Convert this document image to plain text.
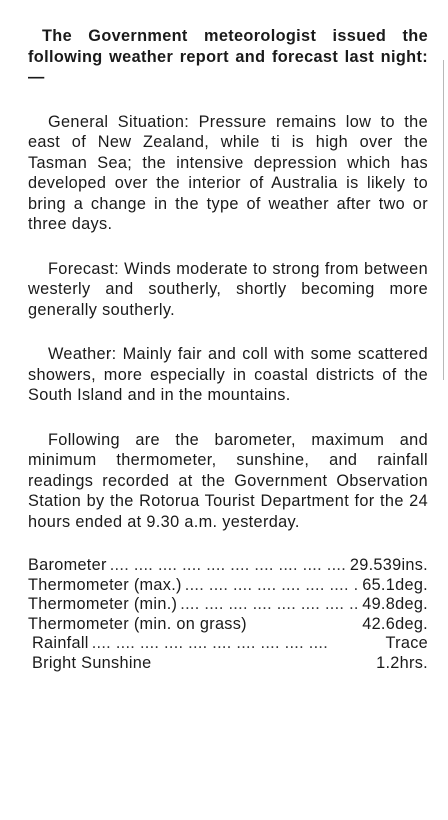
The Government meteorologist issued the following weather report and forecast last night:—

General Situation: Pressure remains low to the east of New Zealand, while ti is high over the Tasman Sea; the intensive depression which has developed over the interior of Australia is likely to bring a change in the type of weather after two or three days.

Forecast: Winds moderate to strong from between westerly and southerly, shortly becoming more generally southerly.

Weather: Mainly fair and coll with some scattered showers, more especially in coastal districts of the South Island and in the mountains.

Following are the barometer, maximum and minimum thermometer, sunshine, and rainfall readings recorded at the Government Observation Station by the Rotorua Tourist Department for the 24 hours ended at 9.30 a.m. yesterday.

Barometer ....	29.539ins.
Thermometer (max.) ....	65.1deg.
Thermometer (min.) ....	49.8deg.
Thermometer (min. on grass)	42.6deg.
Rainfall ....	Trace
Bright Sunshine	1.2hrs.
